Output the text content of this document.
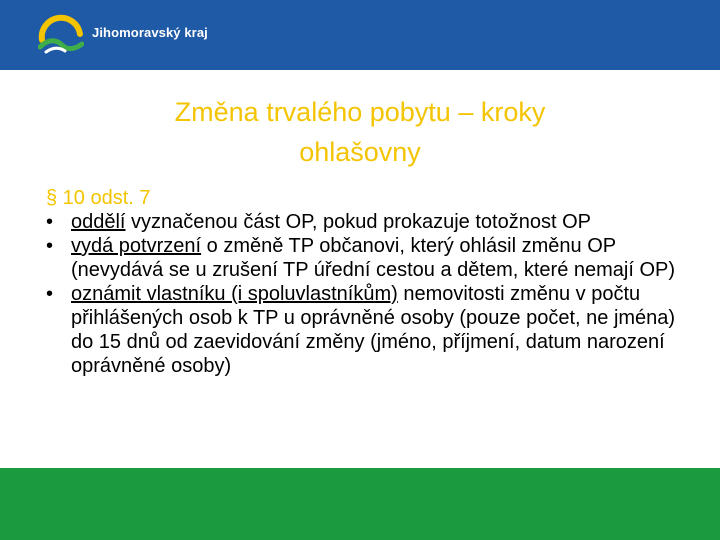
Jihomoravský kraj
Změna trvalého pobytu – kroky
ohlašovny
§ 10 odst. 7
• oddělí vyznačenou část OP, pokud prokazuje totožnost OP
• vydá potvrzení o změně TP občanovi, který ohlásil změnu OP (nevydává se u zrušení TP úřední cestou a dětem, které nemají OP)
• oznámit vlastníku (i spoluvlastníkům) nemovitosti změnu v počtu přihlášených osob k TP u oprávněné osoby (pouze počet, ne jména) do 15 dnů od zaevidování změny (jméno, příjmení, datum narození oprávněné osoby)
